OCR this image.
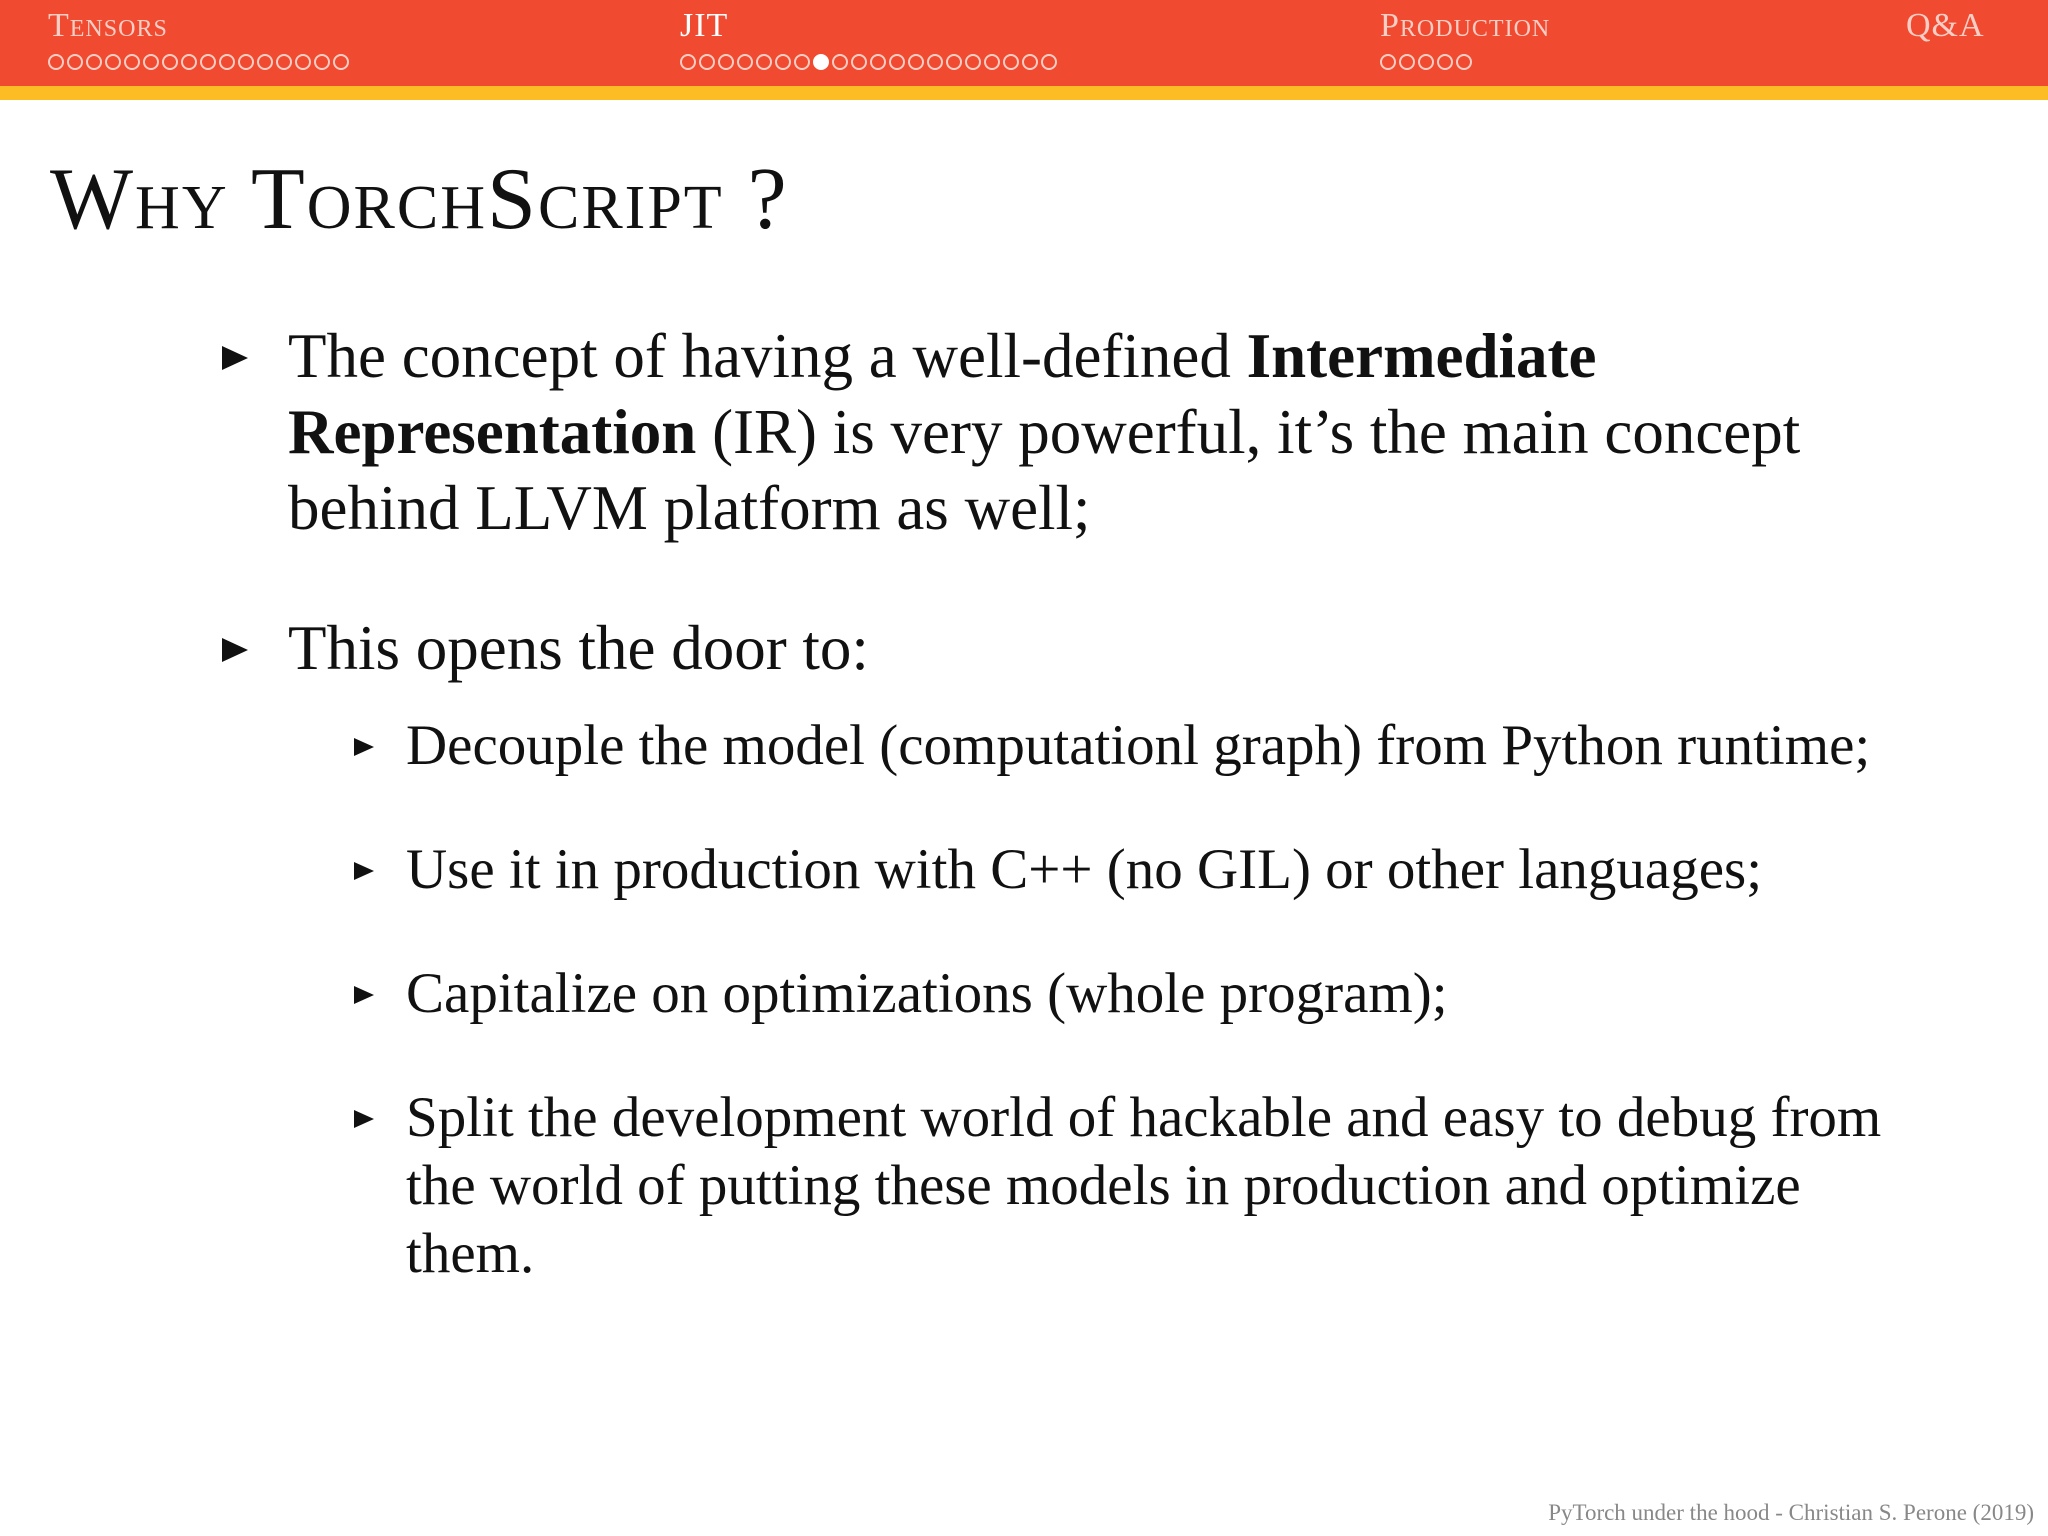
Tensors	JIT	Production	Q&A
Why TorchScript ?
The concept of having a well-defined Intermediate Representation (IR) is very powerful, it’s the main concept behind LLVM platform as well;
This opens the door to:
Decouple the model (computationl graph) from Python runtime;
Use it in production with C++ (no GIL) or other languages;
Capitalize on optimizations (whole program);
Split the development world of hackable and easy to debug from the world of putting these models in production and optimize them.
PyTorch under the hood - Christian S. Perone (2019)
